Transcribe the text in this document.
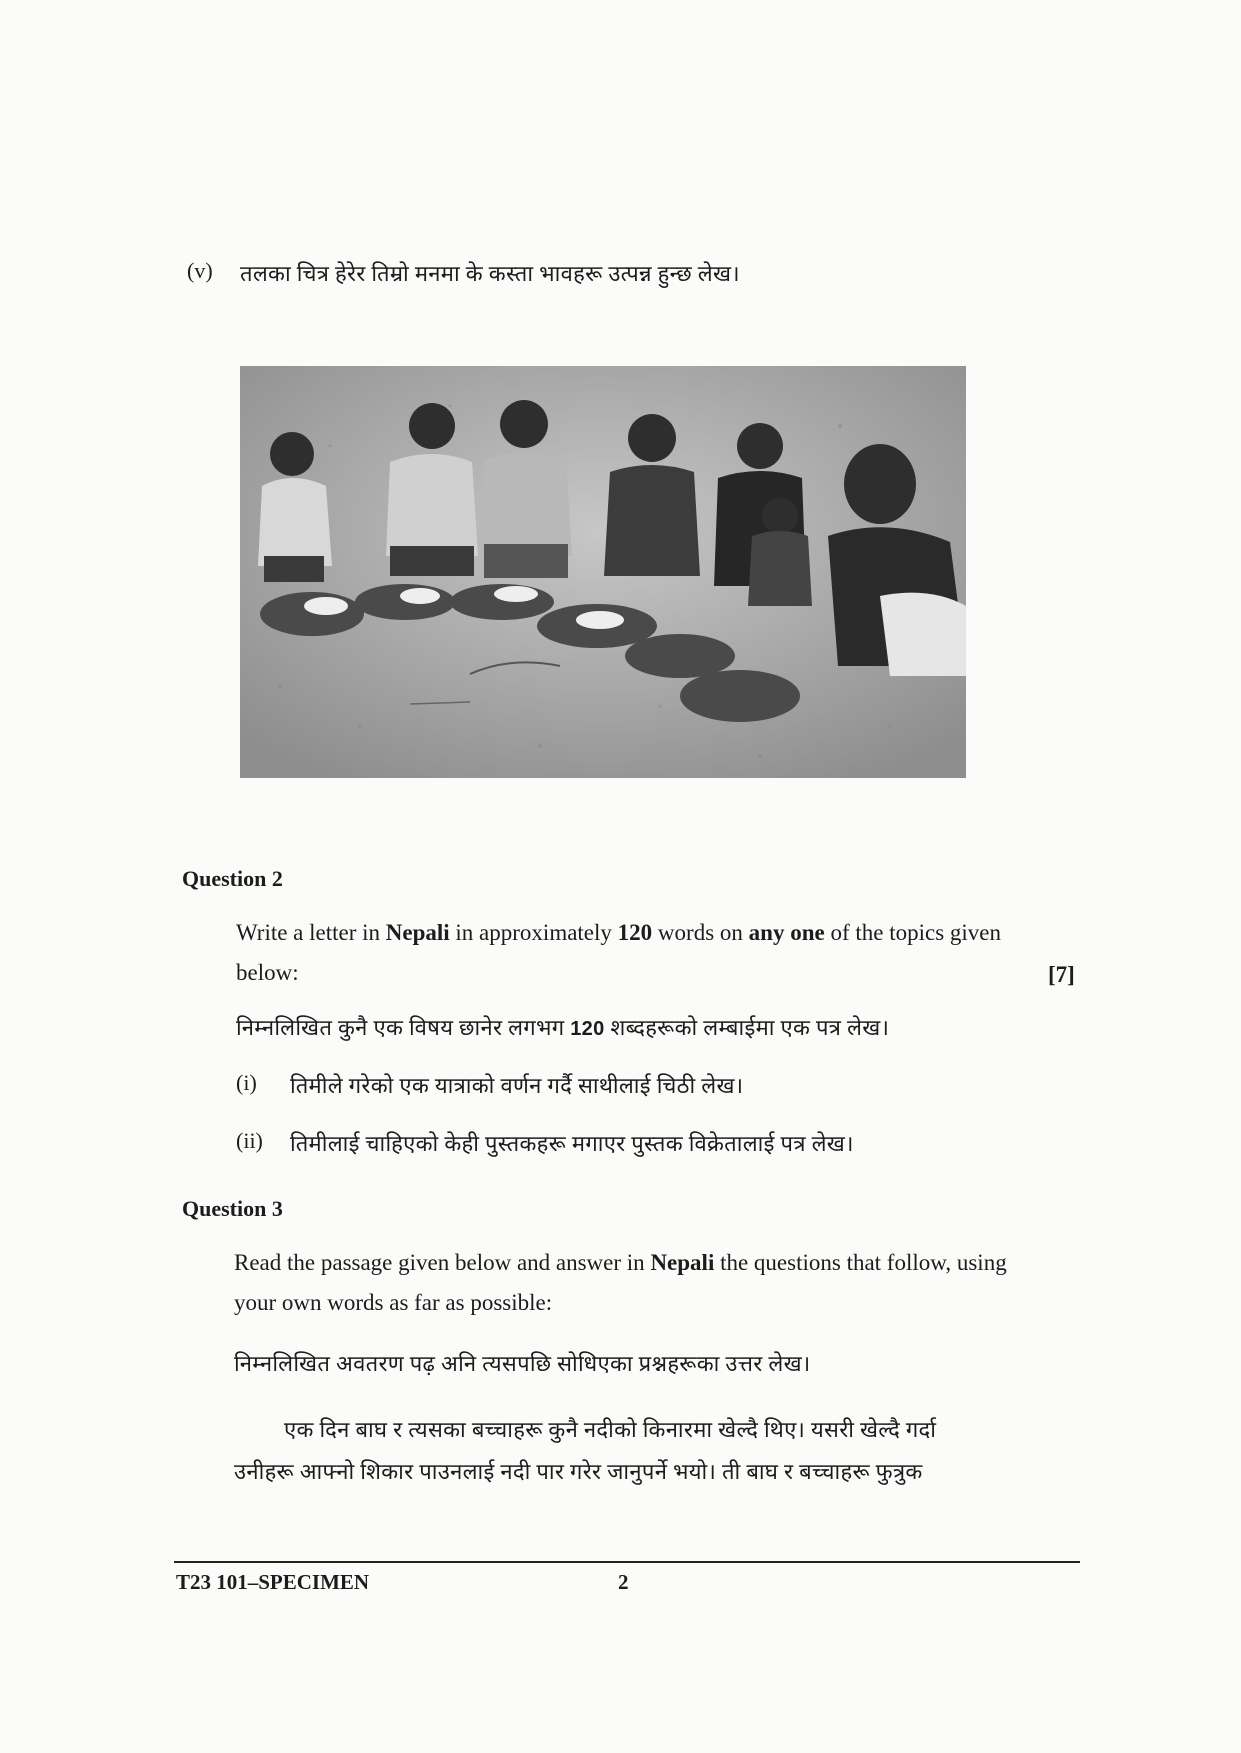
(v) तलका चित्र हेरेर तिम्रो मनमा के कस्ता भावहरू उत्पन्न हुन्छ लेख।
Question 2
Write a letter in Nepali in approximately 120 words on any one of the topics given
below:	[7]
निम्नलिखित कुनै एक विषय छानेर लगभग 120 शब्दहरूको लम्बाईमा एक पत्र लेख।
(i) तिमीले गरेको एक यात्राको वर्णन गर्दै साथीलाई चिठी लेख।
(ii) तिमीलाई चाहिएको केही पुस्तकहरू मगाएर पुस्तक विक्रेतालाई पत्र लेख।
Question 3
Read the passage given below and answer in Nepali the questions that follow, using
your own words as far as possible:
निम्नलिखित अवतरण पढ़ अनि त्यसपछि सोधिएका प्रश्नहरूका उत्तर लेख।
एक दिन बाघ र त्यसका बच्चाहरू कुनै नदीको किनारमा खेल्दै थिए। यसरी खेल्दै गर्दा
उनीहरू आफ्नो शिकार पाउनलाई नदी पार गरेर जानुपर्ने भयो। ती बाघ र बच्चाहरू फुत्रुक
T23 101–SPECIMEN	2
